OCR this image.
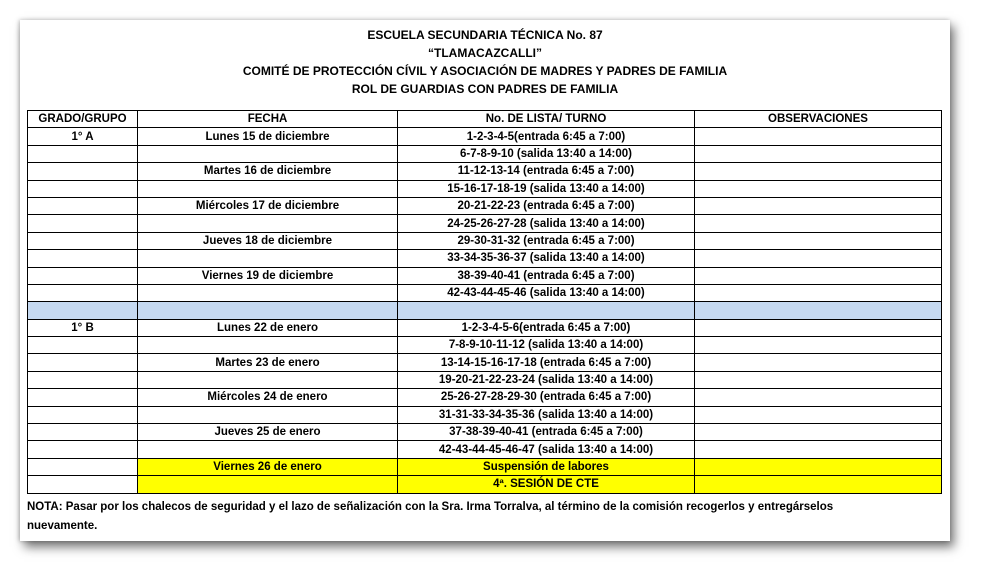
ESCUELA SECUNDARIA TÉCNICA No. 87
“TLAMACAZCALLI”
COMITÉ DE PROTECCIÓN CÍVIL Y ASOCIACIÓN DE MADRES Y PADRES DE FAMILIA
ROL DE GUARDIAS CON PADRES DE FAMILIA
GRADO/GRUPO	FECHA	No. DE LISTA/ TURNO	OBSERVACIONES
1° A	Lunes 15 de diciembre	1-2-3-4-5(entrada 6:45 a 7:00)	
		6-7-8-9-10 (salida 13:40 a 14:00)	
	Martes 16 de diciembre	11-12-13-14 (entrada 6:45 a 7:00)	
		15-16-17-18-19 (salida 13:40 a 14:00)	
	Miércoles 17 de diciembre	20-21-22-23 (entrada 6:45 a 7:00)	
		24-25-26-27-28 (salida 13:40 a 14:00)	
	Jueves 18 de diciembre	29-30-31-32 (entrada 6:45 a 7:00)	
		33-34-35-36-37 (salida 13:40 a 14:00)	
	Viernes 19 de diciembre	38-39-40-41 (entrada 6:45 a 7:00)	
		42-43-44-45-46 (salida 13:40 a 14:00)	

1° B	Lunes 22 de enero	1-2-3-4-5-6(entrada 6:45 a 7:00)	
		7-8-9-10-11-12 (salida 13:40 a 14:00)	
	Martes 23 de enero	13-14-15-16-17-18 (entrada 6:45 a 7:00)	
		19-20-21-22-23-24 (salida 13:40 a 14:00)	
	Miércoles 24 de enero	25-26-27-28-29-30 (entrada 6:45 a 7:00)	
		31-31-33-34-35-36 (salida 13:40 a 14:00)	
	Jueves 25 de enero	37-38-39-40-41 (entrada 6:45 a 7:00)	
		42-43-44-45-46-47 (salida 13:40 a 14:00)	
	Viernes 26 de enero	Suspensión de labores	
		4ª. SESIÓN DE CTE	
NOTA: Pasar por los chalecos de seguridad y el lazo de señalización con la Sra. Irma Torralva, al término de la comisión recogerlos y entregárselos
nuevamente.
